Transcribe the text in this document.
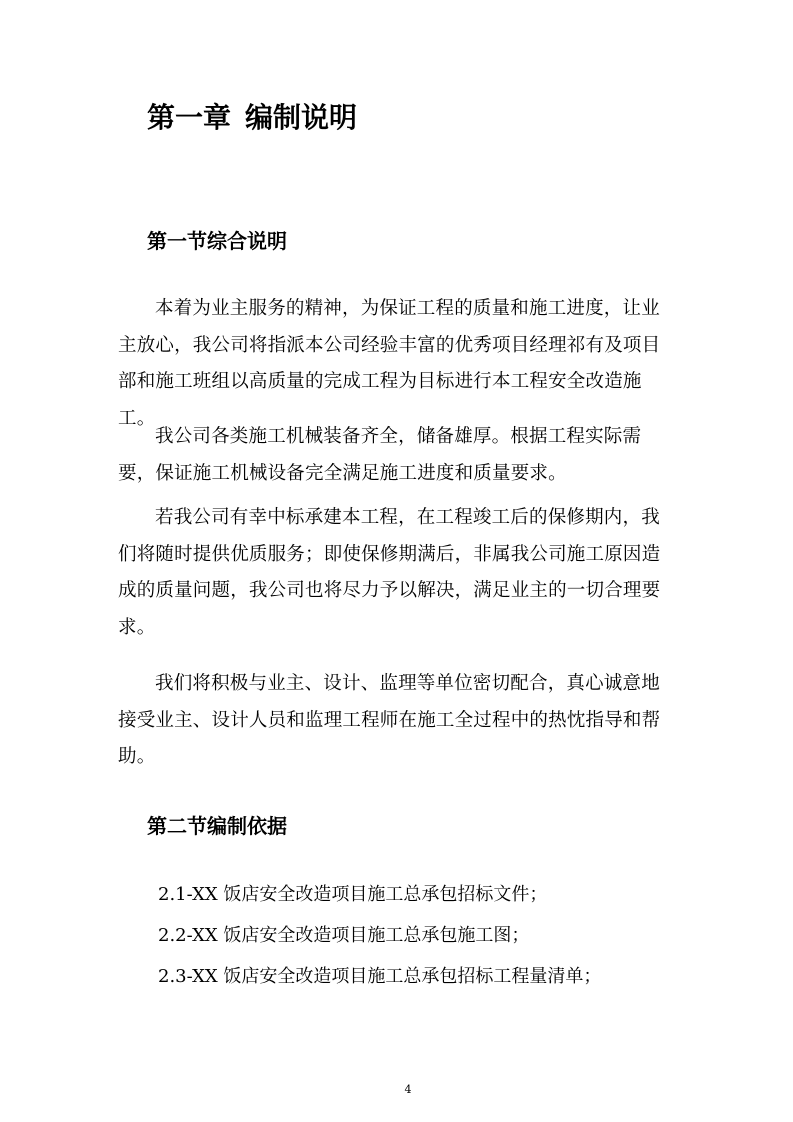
第一章 编制说明
第一节综合说明
本着为业主服务的精神，为保证工程的质量和施工进度，让业主放心，我公司将指派本公司经验丰富的优秀项目经理祁有及项目部和施工班组以高质量的完成工程为目标进行本工程安全改造施工。
我公司各类施工机械装备齐全，储备雄厚。根据工程实际需要，保证施工机械设备完全满足施工进度和质量要求。
若我公司有幸中标承建本工程，在工程竣工后的保修期内，我们将随时提供优质服务；即使保修期满后，非属我公司施工原因造成的质量问题，我公司也将尽力予以解决，满足业主的一切合理要求。
我们将积极与业主、设计、监理等单位密切配合，真心诚意地接受业主、设计人员和监理工程师在施工全过程中的热忱指导和帮助。
第二节编制依据
2.1-XX 饭店安全改造项目施工总承包招标文件；
2.2-XX 饭店安全改造项目施工总承包施工图；
2.3-XX 饭店安全改造项目施工总承包招标工程量清单；
4
